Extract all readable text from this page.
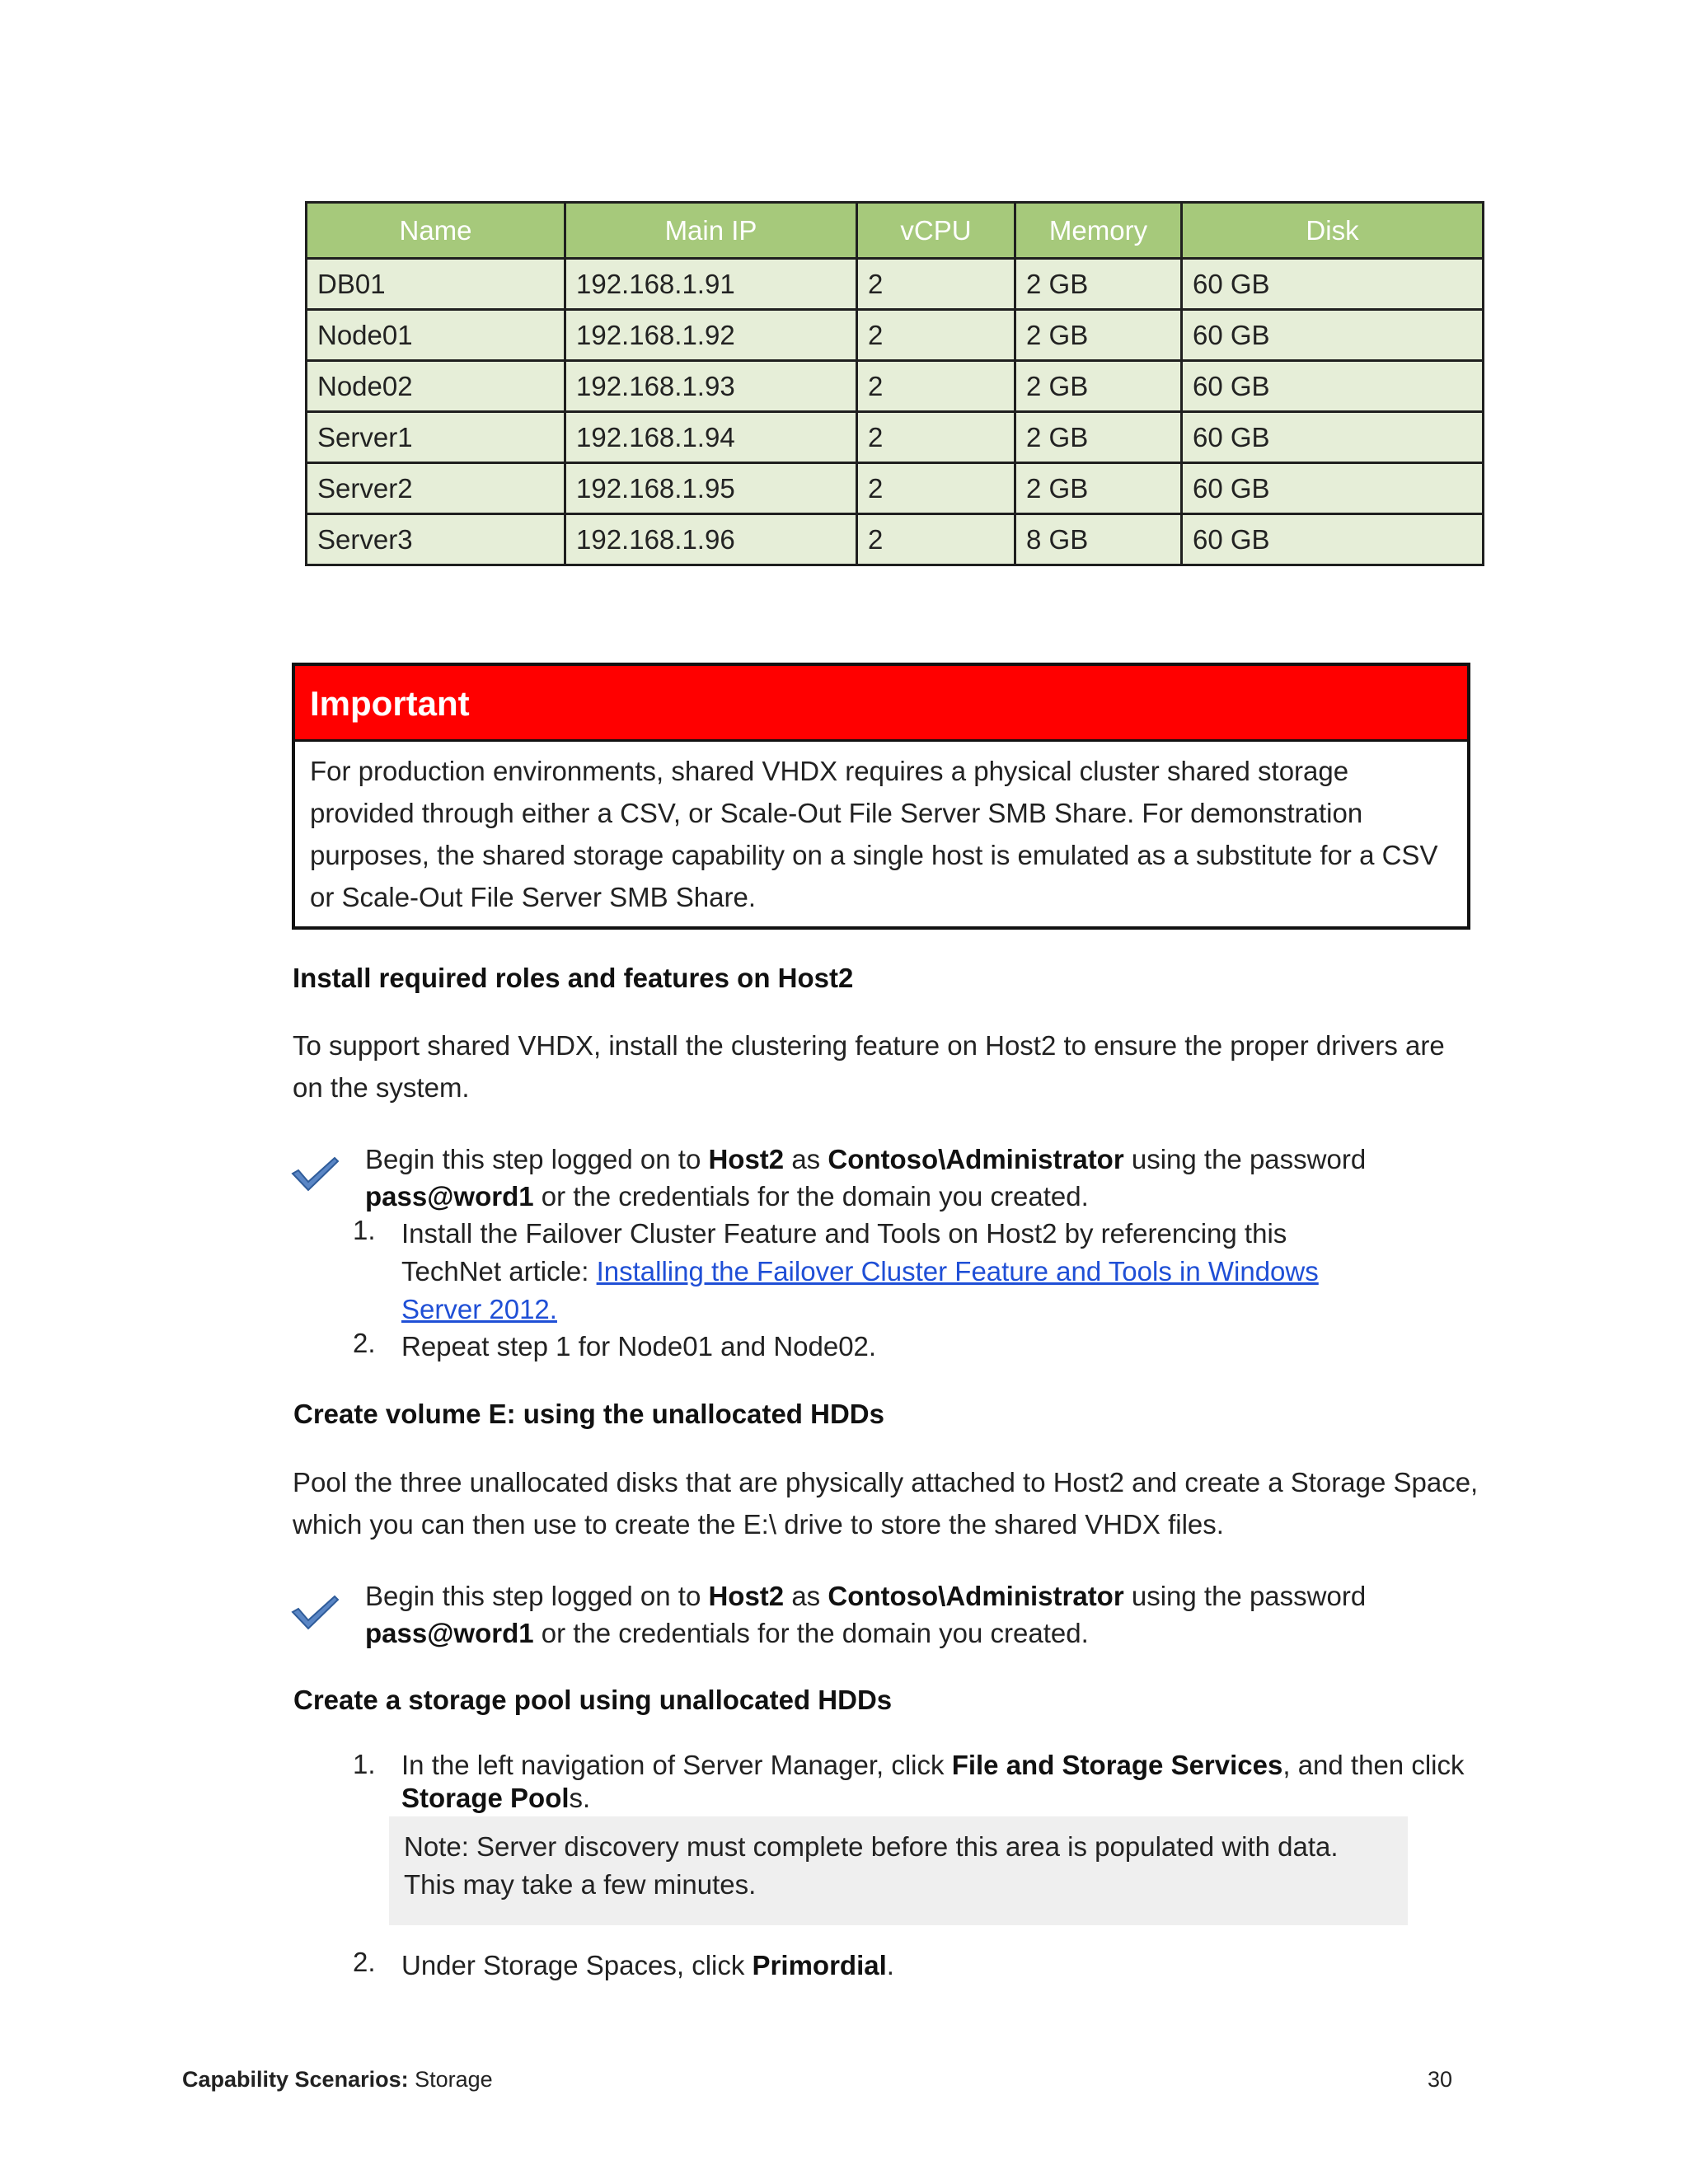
Name	Main IP	vCPU	Memory	Disk
DB01	192.168.1.91	2	2 GB	60 GB
Node01	192.168.1.92	2	2 GB	60 GB
Node02	192.168.1.93	2	2 GB	60 GB
Server1	192.168.1.94	2	2 GB	60 GB
Server2	192.168.1.95	2	2 GB	60 GB
Server3	192.168.1.96	2	8 GB	60 GB
Important
For production environments, shared VHDX requires a physical cluster shared storage provided through either a CSV, or Scale-Out File Server SMB Share. For demonstration purposes, the shared storage capability on a single host is emulated as a substitute for a CSV or Scale-Out File Server SMB Share.
Install required roles and features on Host2
To support shared VHDX, install the clustering feature on Host2 to ensure the proper drivers are on the system.
Begin this step logged on to Host2 as Contoso\Administrator using the password
pass@word1 or the credentials for the domain you created.
1. Install the Failover Cluster Feature and Tools on Host2 by referencing this TechNet article: Installing the Failover Cluster Feature and Tools in Windows Server 2012.
2. Repeat step 1 for Node01 and Node02.
Create volume E: using the unallocated HDDs
Pool the three unallocated disks that are physically attached to Host2 and create a Storage Space, which you can then use to create the E:\ drive to store the shared VHDX files.
Begin this step logged on to Host2 as Contoso\Administrator using the password
pass@word1 or the credentials for the domain you created.
Create a storage pool using unallocated HDDs
1. In the left navigation of Server Manager, click File and Storage Services, and then click
Storage Pools.
Note: Server discovery must complete before this area is populated with data. This may take a few minutes.
2. Under Storage Spaces, click Primordial.
Capability Scenarios: Storage	30
